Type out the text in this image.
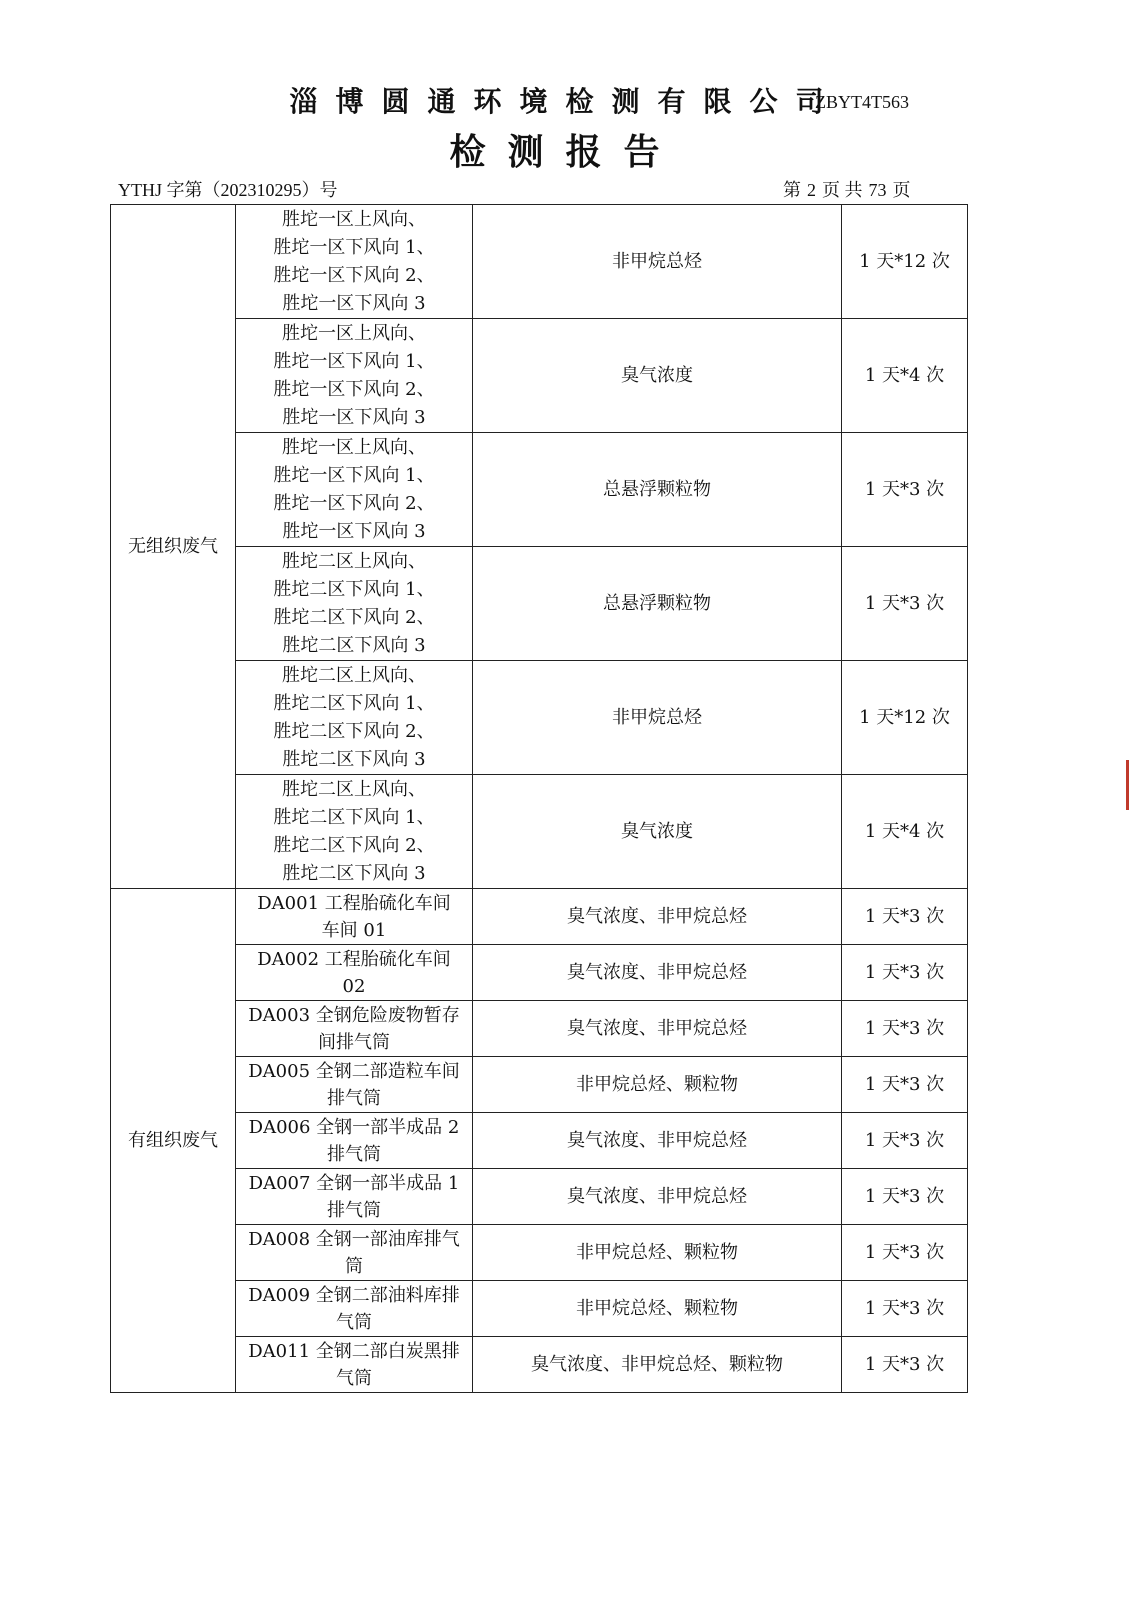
淄博圆通环境检测有限公司
ZBYT4T563
检测报告
YTHJ 字第（202310295）号	第 2 页 共 73 页
无组织废气	胜坨一区上风向、
胜坨一区下风向 1、
胜坨一区下风向 2、
胜坨一区下风向 3	非甲烷总烃	1 天*12 次

	胜坨一区上风向、
胜坨一区下风向 1、
胜坨一区下风向 2、
胜坨一区下风向 3	臭气浓度	1 天*4 次

	胜坨一区上风向、
胜坨一区下风向 1、
胜坨一区下风向 2、
胜坨一区下风向 3	总悬浮颗粒物	1 天*3 次

	胜坨二区上风向、
胜坨二区下风向 1、
胜坨二区下风向 2、
胜坨二区下风向 3	总悬浮颗粒物	1 天*3 次

	胜坨二区上风向、
胜坨二区下风向 1、
胜坨二区下风向 2、
胜坨二区下风向 3	非甲烷总烃	1 天*12 次

	胜坨二区上风向、
胜坨二区下风向 1、
胜坨二区下风向 2、
胜坨二区下风向 3	臭气浓度	1 天*4 次
有组织废气	DA001 工程胎硫化车间
车间 01	臭气浓度、非甲烷总烃	1 天*3 次

	DA002 工程胎硫化车间
02	臭气浓度、非甲烷总烃	1 天*3 次

	DA003 全钢危险废物暂存
间排气筒	臭气浓度、非甲烷总烃	1 天*3 次

	DA005 全钢二部造粒车间
排气筒	非甲烷总烃、颗粒物	1 天*3 次

	DA006 全钢一部半成品 2
排气筒	臭气浓度、非甲烷总烃	1 天*3 次

	DA007 全钢一部半成品 1
排气筒	臭气浓度、非甲烷总烃	1 天*3 次

	DA008 全钢一部油库排气
筒	非甲烷总烃、颗粒物	1 天*3 次

	DA009 全钢二部油料库排
气筒	非甲烷总烃、颗粒物	1 天*3 次

	DA011 全钢二部白炭黑排
气筒	臭气浓度、非甲烷总烃、颗粒物	1 天*3 次
